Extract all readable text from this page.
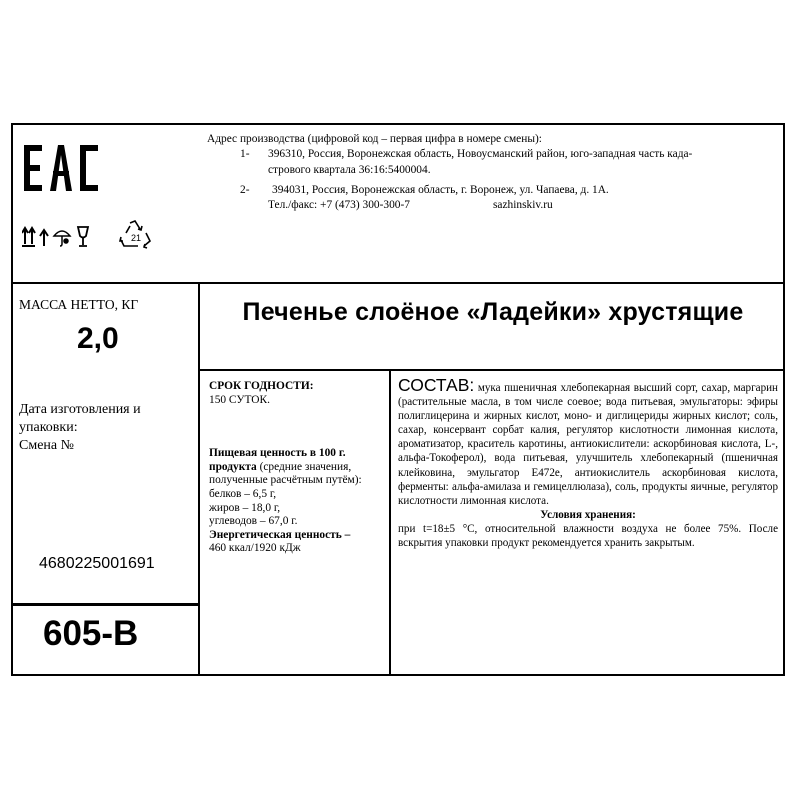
21
Адрес производства (цифровой код – первая цифра в номере смены):
1- 396310, Россия, Воронежская область, Новоусманский район, юго-западная часть када-
стрового квартала 36:16:5400004.
2- 394031, Россия, Воронежская область, г. Воронеж, ул. Чапаева, д. 1А.
Тел./факс: +7 (473) 300-300-7	sazhinskiv.ru
МАССА НЕТТО, КГ
2,0
Дата изготовления и упаковки:
Смена №
4680225001691
605-В
Печенье слоёное «Ладейки» хрустящие
СРОК ГОДНОСТИ:
150 СУТОК.
Пищевая ценность в 100 г. продукта (средние значения, полученные расчётным путём):
белков – 6,5 г,
жиров – 18,0 г,
углеводов – 67,0 г.
Энергетическая ценность –
460 ккал/1920 кДж

СОСТАВ: мука пшеничная хлебопекарная высший сорт, сахар, маргарин (растительные масла, в том числе соевое; вода питьевая, эмульгаторы: эфиры полиглицерина и жирных кислот, моно- и диглицериды жирных кислот; соль, сахар, консервант сорбат калия, регулятор кислотности лимонная кислота, ароматизатор, краситель каротины, антиокислители: аскорбиновая кислота, L-, альфа-Токоферол), вода питьевая, улучшитель хлебопекарный (пшеничная клейковина, эмульгатор Е472е, антиокислитель аскорбиновая кислота, ферменты: альфа-амилаза и гемицеллюлаза), соль, продукты яичные, регулятор кислотности лимонная кислота.

Условия хранения:

при t=18±5 °С, относительной влажности воздуха не более 75%. После вскрытия упаковки продукт рекомендуется хранить закрытым.
